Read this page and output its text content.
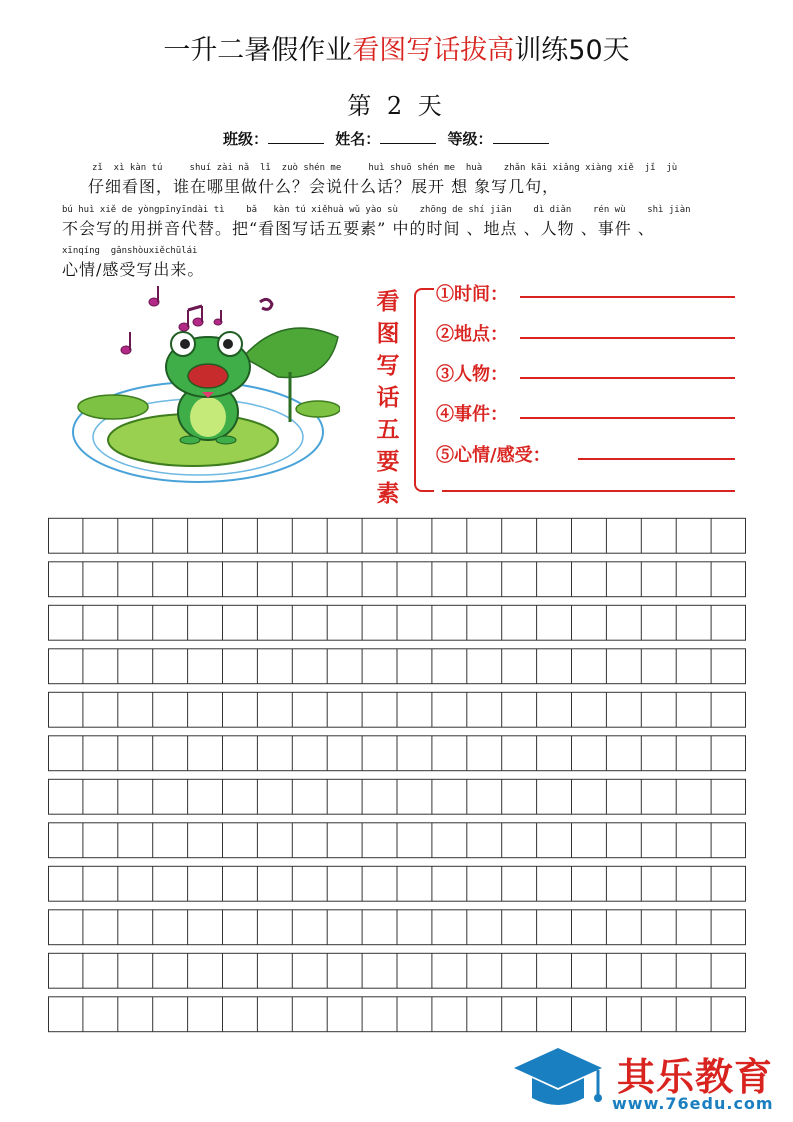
一升二暑假作业看图写话拔高训练50天
第 2 天
班级：	姓名：	等级：
zǐ  xì kàn tú     shuí zài nǎ  lǐ  zuò shén me     huì shuō shén me  huà    zhǎn kāi xiǎng xiàng xiě  jǐ  jù
仔细看图，谁在哪里做什么？会说什么话？展开 想 象写几句，
bú huì xiě de yòngpīnyīndài tì    bǎ   kàn tú xiěhuà wǔ yào sù    zhōng de shí jiān    dì diǎn    rén wù    shì jiàn
不会写的用拼音代替。把“看图写话五要素” 中的时间 、地点 、人物 、事件 、
xīnqíng  gǎnshòuxiěchūlái
心情/感受写出来。
看
图
写
话
五
要
素
①时间：
②地点：
③人物：
④事件：
⑤心情/感受：
其乐教育
www.76edu.com
